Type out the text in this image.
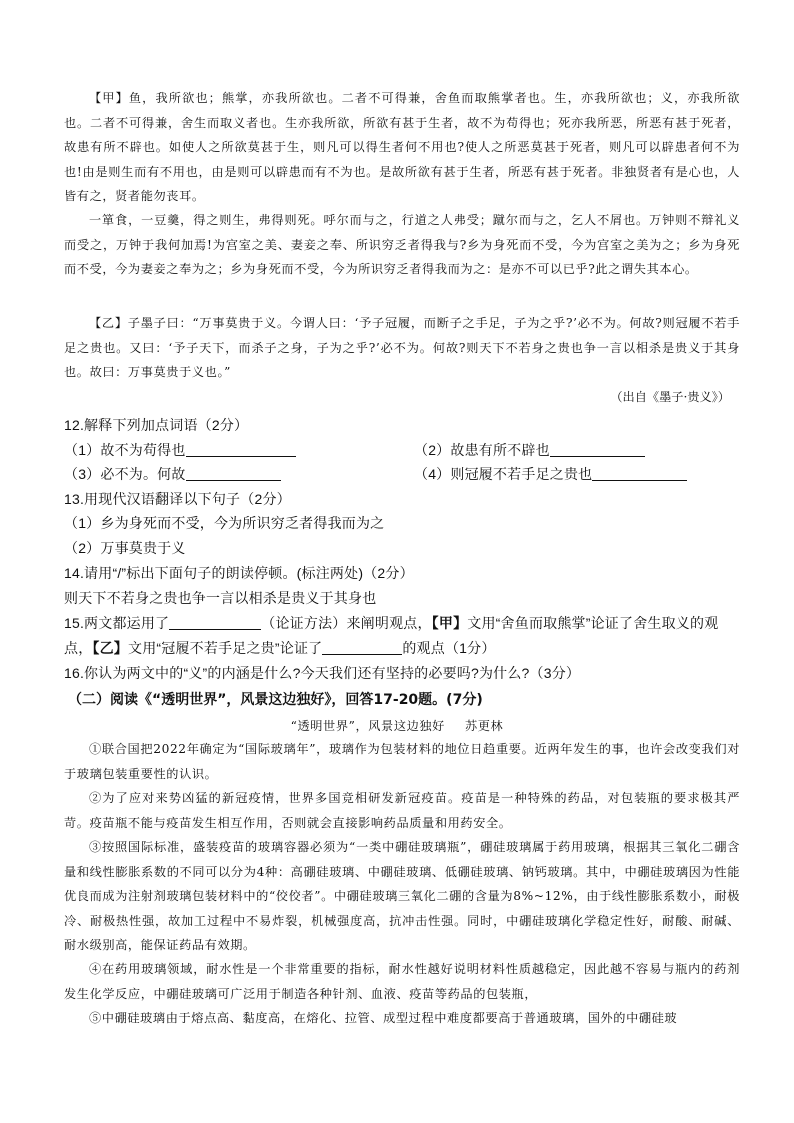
【甲】鱼，我所欲也；熊掌，亦我所欲也。二者不可得兼，舍鱼而取熊掌者也。生，亦我所欲也；义，亦我所欲也。二者不可得兼，舍生而取义者也。生亦我所欲，所欲有甚于生者，故不为苟得也；死亦我所恶，所恶有甚于死者，故患有所不辟也。如使人之所欲莫甚于生，则凡可以得生者何不用也?使人之所恶莫甚于死者，则凡可以辟患者何不为也!由是则生而有不用也，由是则可以辟患而有不为也。是故所欲有甚于生者，所恶有甚于死者。非独贤者有是心也，人皆有之，贤者能勿丧耳。

一箪食，一豆羹，得之则生，弗得则死。呼尔而与之，行道之人弗受；蹴尔而与之，乞人不屑也。万钟则不辩礼义而受之，万钟于我何加焉!为宫室之美、妻妾之奉、所识穷乏者得我与?乡为身死而不受，今为宫室之美为之；乡为身死而不受，今为妻妾之奉为之；乡为身死而不受，今为所识穷乏者得我而为之：是亦不可以已乎?此之谓失其本心。

【乙】子墨子曰：“万事莫贵于义。今谓人曰：‘予子冠履，而断子之手足，子为之乎?’必不为。何故?则冠履不若手足之贵也。又曰：‘予子天下，而杀子之身，子为之乎?’必不为。何故?则天下不若身之贵也争一言以相杀是贵义于其身也。故曰：万事莫贵于义也。”

（出自《墨子·贵义》）
12.解释下列加点词语（2分）
（1）故不为苟得也	（2）故患有所不辟也
（3）必不为。何故	（4）则冠履不若手足之贵也
13.用现代汉语翻译以下句子（2分）
（1）乡为身死而不受，今为所识穷乏者得我而为之
（2）万事莫贵于义
14.请用“/”标出下面句子的朗读停顿。(标注两处)（2分）
则天下不若身之贵也争一言以相杀是贵义于其身也
15.两文都运用了	（论证方法）来阐明观点，【甲】文用“舍鱼而取熊掌”论证了舍生取义的观
点，【乙】文用“冠履不若手足之贵”论证了	的观点（1分）
16.你认为两文中的“义”的内涵是什么?今天我们还有坚持的必要吗?为什么?（3分）
（二）阅读《“透明世界”，风景这边独好》，回答17-20题。(7分)
“透明世界”，风景这边独好 苏更林

①联合国把2022年确定为“国际玻璃年”，玻璃作为包装材料的地位日趋重要。近两年发生的事，也许会改变我们对于玻璃包装重要性的认识。

②为了应对来势凶猛的新冠疫情，世界多国竞相研发新冠疫苗。疫苗是一种特殊的药品，对包装瓶的要求极其严苛。疫苗瓶不能与疫苗发生相互作用，否则就会直接影响药品质量和用药安全。

③按照国际标准，盛装疫苗的玻璃容器必须为“一类中硼硅玻璃瓶”，硼硅玻璃属于药用玻璃，根据其三氧化二硼含量和线性膨胀系数的不同可以分为4种：高硼硅玻璃、中硼硅玻璃、低硼硅玻璃、钠钙玻璃。其中，中硼硅玻璃因为性能优良而成为注射剂玻璃包装材料中的“佼佼者”。中硼硅玻璃三氧化二硼的含量为8%~12%，由于线性膨胀系数小，耐极冷、耐极热性强，故加工过程中不易炸裂，机械强度高，抗冲击性强。同时，中硼硅玻璃化学稳定性好，耐酸、耐碱、耐水级别高，能保证药品有效期。

④在药用玻璃领域，耐水性是一个非常重要的指标，耐水性越好说明材料性质越稳定，因此越不容易与瓶内的药剂发生化学反应，中硼硅玻璃可广泛用于制造各种针剂、血液、疫苗等药品的包装瓶，

⑤中硼硅玻璃由于熔点高、黏度高，在熔化、拉管、成型过程中难度都要高于普通玻璃，国外的中硼硅玻
